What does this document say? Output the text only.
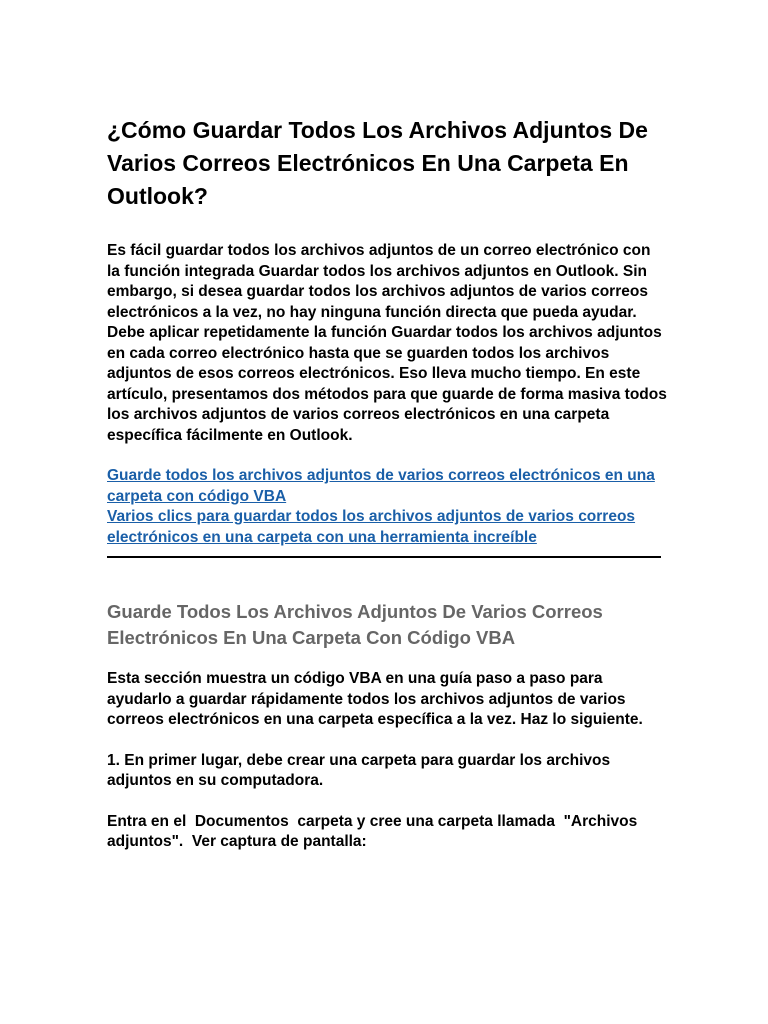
¿Cómo Guardar Todos Los Archivos Adjuntos De Varios Correos Electrónicos En Una Carpeta En Outlook?

Es fácil guardar todos los archivos adjuntos de un correo electrónico con la función integrada Guardar todos los archivos adjuntos en Outlook. Sin embargo, si desea guardar todos los archivos adjuntos de varios correos electrónicos a la vez, no hay ninguna función directa que pueda ayudar. Debe aplicar repetidamente la función Guardar todos los archivos adjuntos en cada correo electrónico hasta que se guarden todos los archivos adjuntos de esos correos electrónicos. Eso lleva mucho tiempo. En este artículo, presentamos dos métodos para que guarde de forma masiva todos los archivos adjuntos de varios correos electrónicos en una carpeta específica fácilmente en Outlook.

Guarde todos los archivos adjuntos de varios correos electrónicos en una carpeta con código VBA
Varios clics para guardar todos los archivos adjuntos de varios correos electrónicos en una carpeta con una herramienta increíble
Guarde Todos Los Archivos Adjuntos De Varios Correos Electrónicos En Una Carpeta Con Código VBA

Esta sección muestra un código VBA en una guía paso a paso para ayudarlo a guardar rápidamente todos los archivos adjuntos de varios correos electrónicos en una carpeta específica a la vez. Haz lo siguiente.

1. En primer lugar, debe crear una carpeta para guardar los archivos adjuntos en su computadora.

Entra en el  Documentos  carpeta y cree una carpeta llamada  "Archivos adjuntos".  Ver captura de pantalla:
